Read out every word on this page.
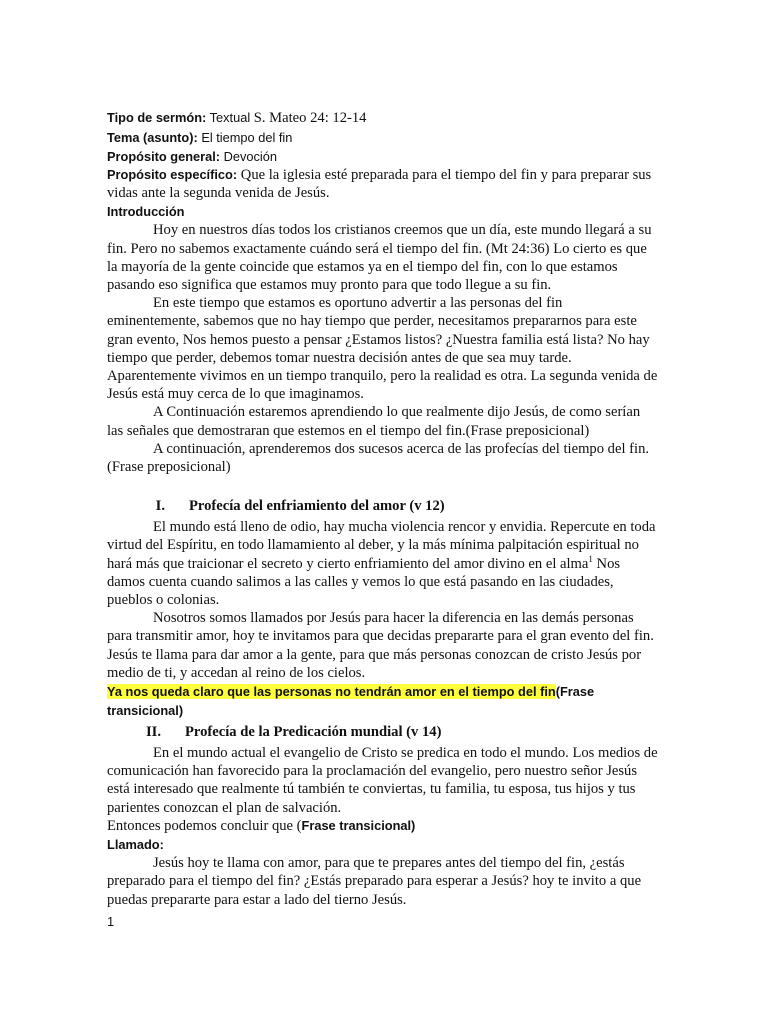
Tipo de sermón: Textual S. Mateo 24: 12-14
Tema (asunto): El tiempo del fin
Propósito general: Devoción

Propósito específico: Que la iglesia esté preparada para el tiempo del fin y para preparar sus vidas ante la segunda venida de Jesús.

Introducción

Hoy en nuestros días todos los cristianos creemos que un día, este mundo llegará a su fin. Pero no sabemos exactamente cuándo será el tiempo del fin. (Mt 24:36) Lo cierto es que la mayoría de la gente coincide que estamos ya en el tiempo del fin, con lo que estamos pasando eso significa que estamos muy pronto para que todo llegue a su fin.

En este tiempo que estamos es oportuno advertir a las personas del fin eminentemente, sabemos que no hay tiempo que perder, necesitamos prepararnos para este gran evento, Nos hemos puesto a pensar ¿Estamos listos? ¿Nuestra familia está lista? No hay tiempo que perder, debemos tomar nuestra decisión antes de que sea muy tarde. Aparentemente vivimos en un tiempo tranquilo, pero la realidad es otra. La segunda venida de Jesús está muy cerca de lo que imaginamos.

A Continuación estaremos aprendiendo lo que realmente dijo Jesús, de como serían las señales que demostraran que estemos en el tiempo del fin.(Frase preposicional)

A continuación, aprenderemos dos sucesos acerca de las profecías del tiempo del fin. (Frase preposicional)

I. Profecía del enfriamiento del amor (v 12)

El mundo está lleno de odio, hay mucha violencia rencor y envidia. Repercute en toda virtud del Espíritu, en todo llamamiento al deber, y la más mínima palpitación espiritual no hará más que traicionar el secreto y cierto enfriamiento del amor divino en el alma$^1$ Nos damos cuenta cuando salimos a las calles y vemos lo que está pasando en las ciudades, pueblos o colonias.

Nosotros somos llamados por Jesús para hacer la diferencia en las demás personas para transmitir amor, hoy te invitamos para que decidas prepararte para el gran evento del fin. Jesús te llama para dar amor a la gente, para que más personas conozcan de cristo Jesús por medio de ti, y accedan al reino de los cielos.

Ya nos queda claro que las personas no tendrán amor en el tiempo del fin(Frase transicional)

II. Profecía de la Predicación mundial (v 14)

En el mundo actual el evangelio de Cristo se predica en todo el mundo. Los medios de comunicación han favorecido para la proclamación del evangelio, pero nuestro señor Jesús está interesado que realmente tú también te conviertas, tu familia, tu esposa, tus hijos y tus parientes conozcan el plan de salvación.

Entonces podemos concluir que (Frase transicional)

Llamado:

Jesús hoy te llama con amor, para que te prepares antes del tiempo del fin, ¿estás preparado para el tiempo del fin? ¿Estás preparado para esperar a Jesús? hoy te invito a que puedas prepararte para estar a lado del tierno Jesús.

1
